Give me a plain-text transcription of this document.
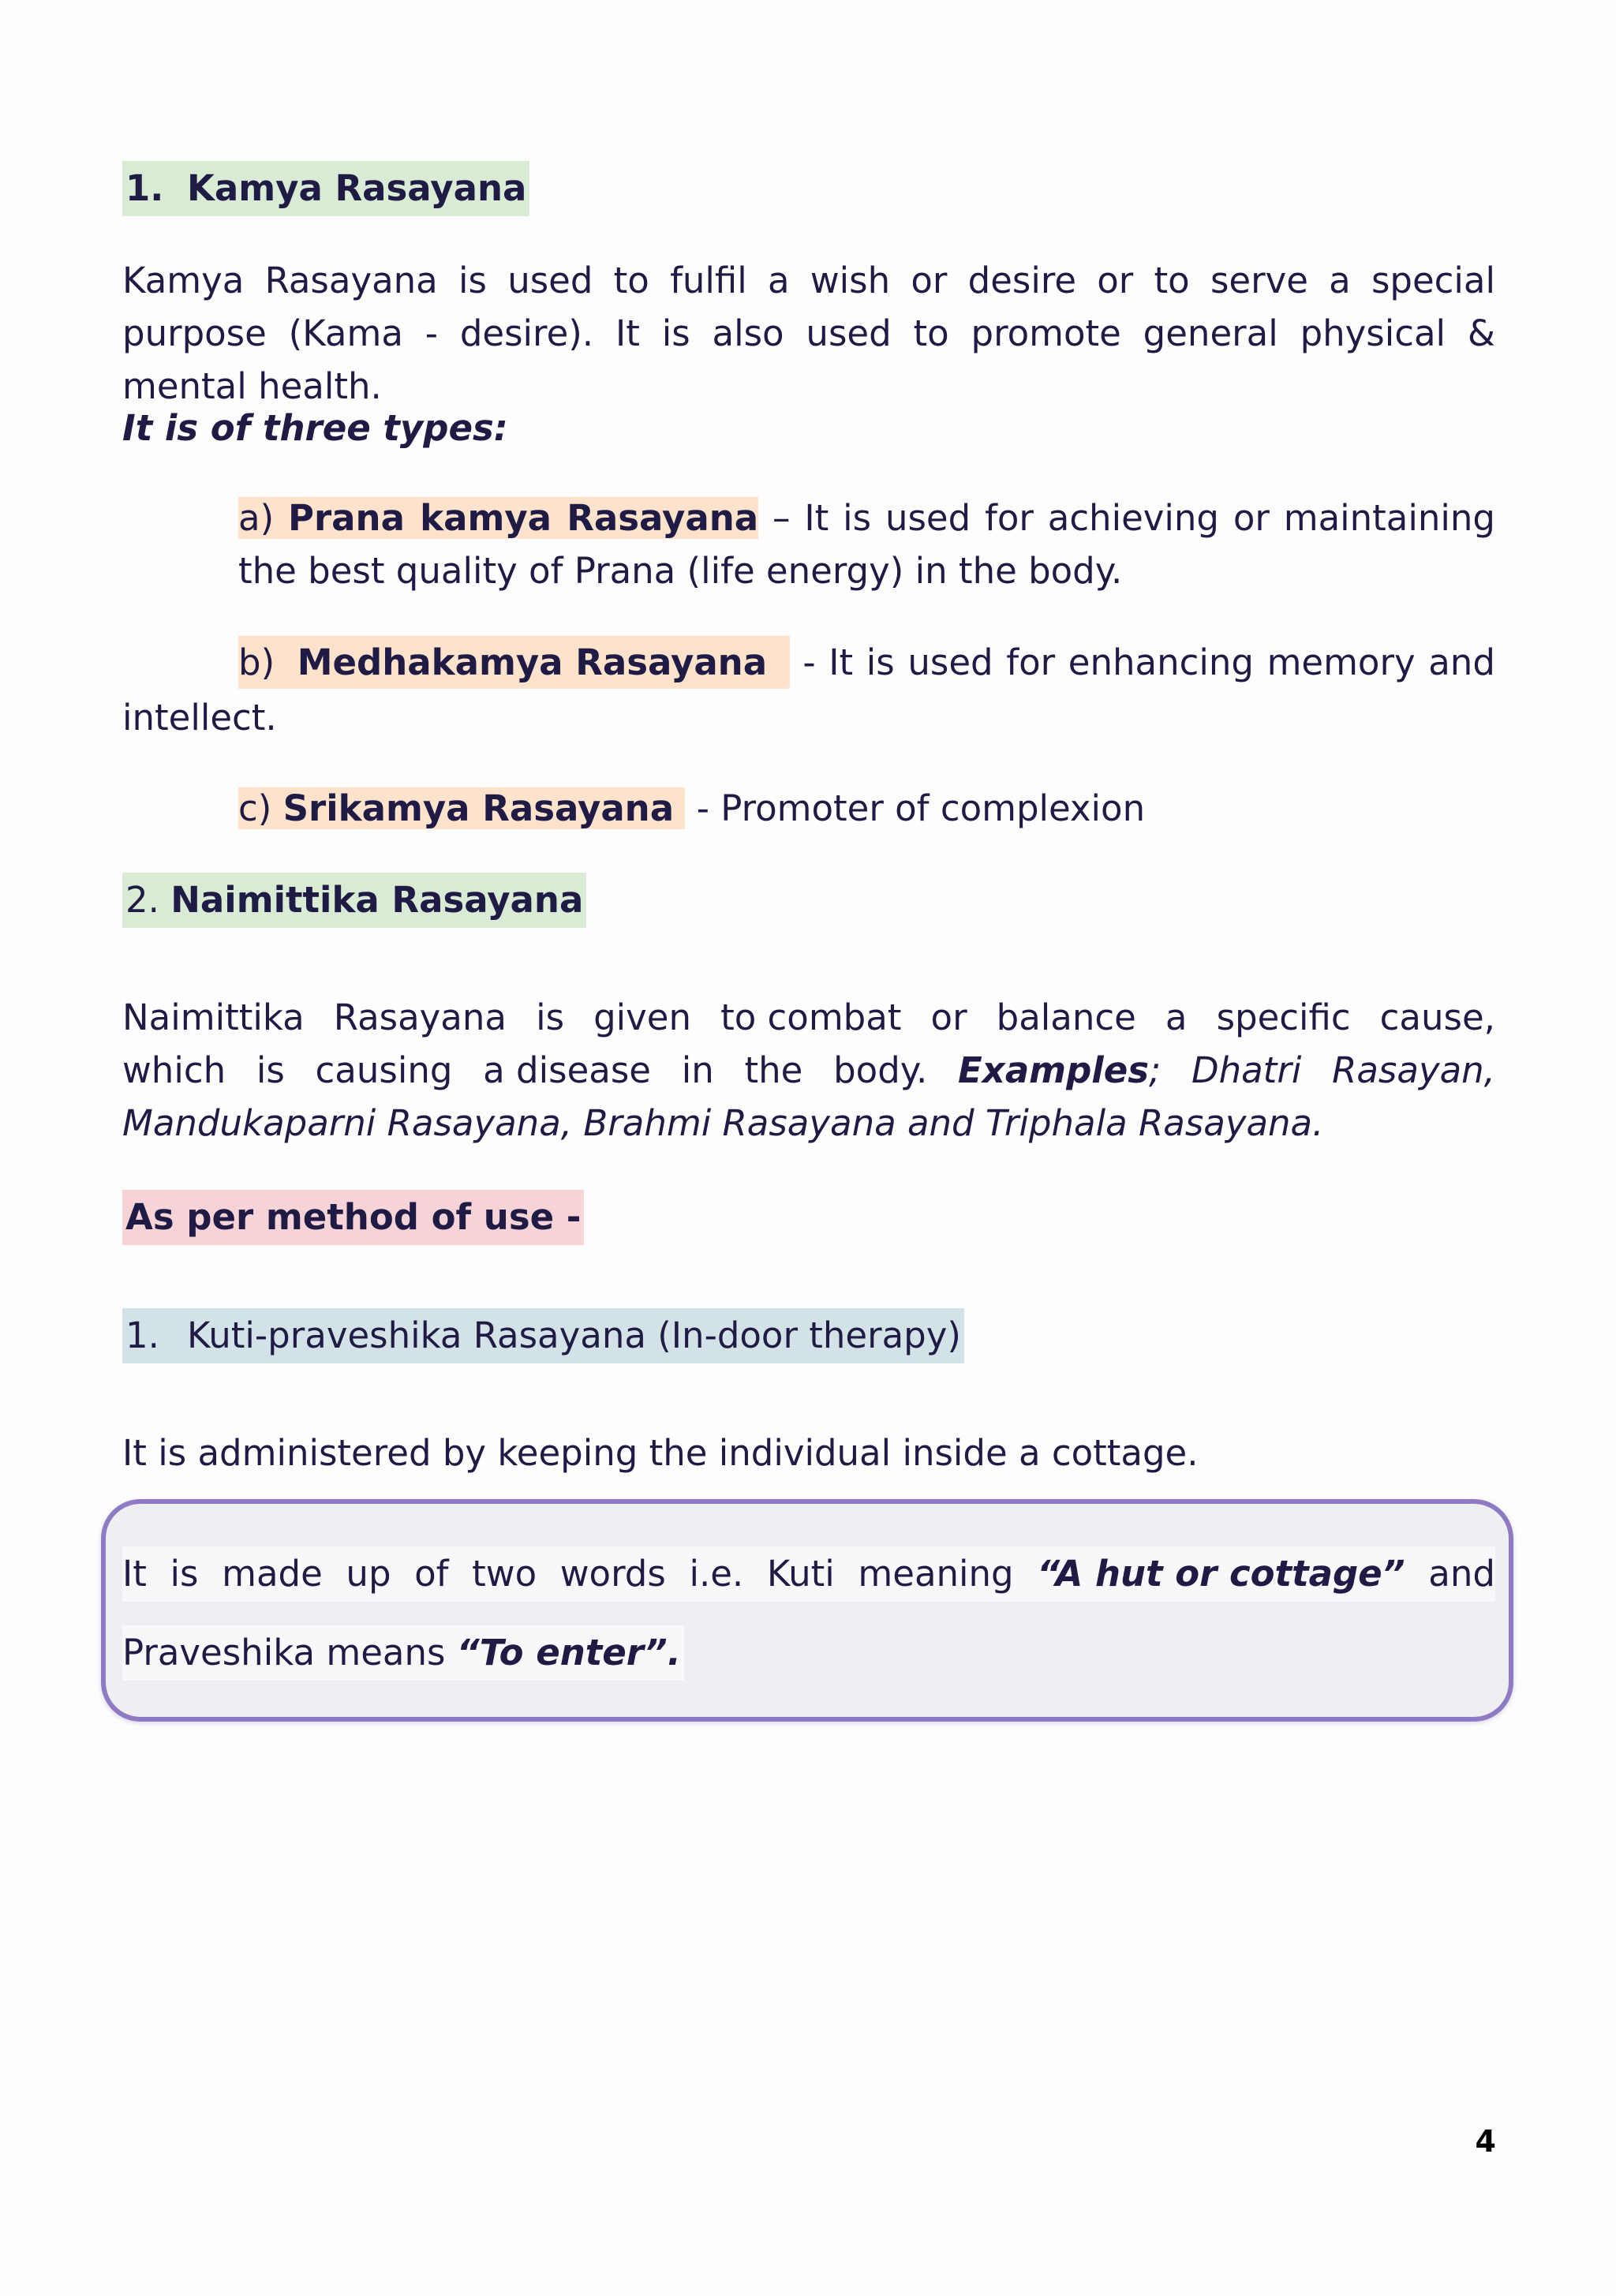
1. Kamya Rasayana

Kamya Rasayana is used to fulfil a wish or desire or to serve a special purpose (Kama - desire). It is also used to promote general physical & mental health.

It is of three types:

a) Prana kamya Rasayana – It is used for achieving or maintaining the best quality of Prana (life energy) in the body.

b) Medhakamya Rasayana	- It is used for enhancing memory and
intellect.

c) Srikamya Rasayana - Promoter of complexion

2. Naimittika Rasayana
Naimittika Rasayana is given to combat or balance a specific cause,
which is causing a disease in the body. Examples; Dhatri Rasayan,
Mandukaparni Rasayana, Brahmi Rasayana and Triphala Rasayana.
As per method of use -
1. Kuti-praveshika Rasayana (In-door therapy)
It is administered by keeping the individual inside a cottage.
It is made up of two words i.e. Kuti meaning “A hut or cottage” and
Praveshika means “To enter”.
4
